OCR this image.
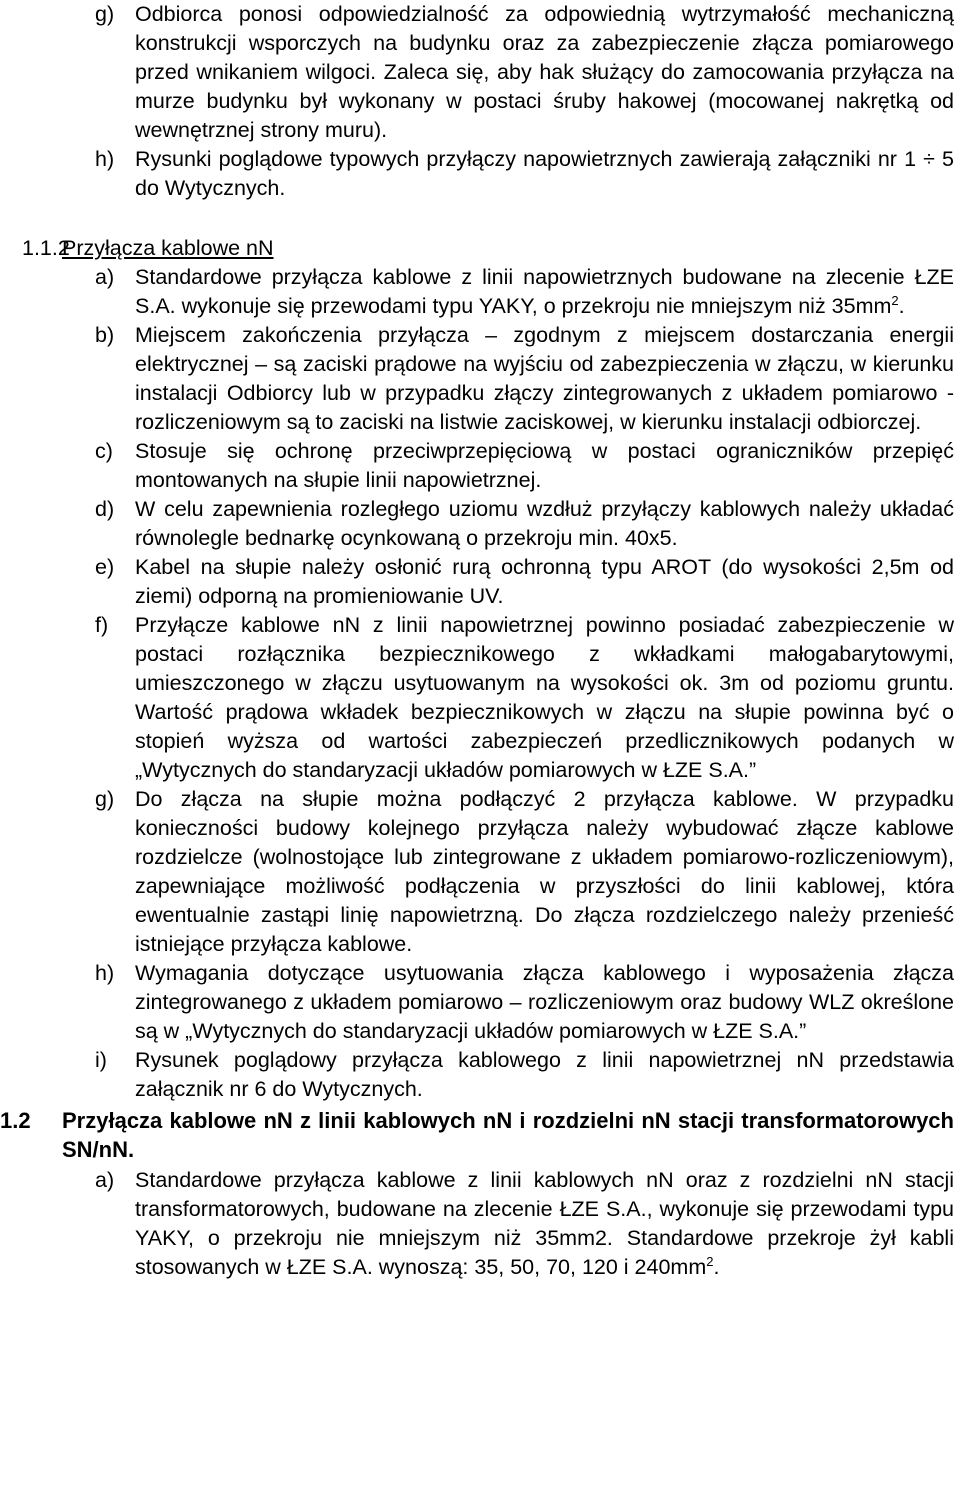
g) Odbiorca ponosi odpowiedzialność za odpowiednią wytrzymałość mechaniczną konstrukcji wsporczych na budynku oraz za zabezpieczenie złącza pomiarowego przed wnikaniem wilgoci. Zaleca się, aby hak służący do zamocowania przyłącza na murze budynku był wykonany w postaci śruby hakowej (mocowanej nakrętką od wewnętrznej strony muru).
h) Rysunki poglądowe typowych przyłączy napowietrznych zawierają załączniki nr 1 ÷ 5 do Wytycznych.
1.1.2
Przyłącza kablowe nN
a) Standardowe przyłącza kablowe z linii napowietrznych budowane na zlecenie ŁZE S.A. wykonuje się przewodami typu YAKY, o przekroju nie mniejszym niż $35mm^2$.
b) Miejscem zakończenia przyłącza – zgodnym z miejscem dostarczania energii elektrycznej – są zaciski prądowe na wyjściu od zabezpieczenia w złączu, w kierunku instalacji Odbiorcy lub w przypadku złączy zintegrowanych z układem pomiarowo - rozliczeniowym są to zaciski na listwie zaciskowej, w kierunku instalacji odbiorczej.
c) Stosuje się ochronę przeciwprzepięciową w postaci ograniczników przepięć montowanych na słupie linii napowietrznej.
d) W celu zapewnienia rozległego uziomu wzdłuż przyłączy kablowych należy układać równolegle bednarkę ocynkowaną o przekroju min. 40x5.
e) Kabel na słupie należy osłonić rurą ochronną typu AROT (do wysokości 2,5m od ziemi) odporną na promieniowanie UV.
f) Przyłącze kablowe nN z linii napowietrznej powinno posiadać zabezpieczenie w postaci rozłącznika bezpiecznikowego z wkładkami małogabarytowymi, umieszczonego w złączu usytuowanym na wysokości ok. 3m od poziomu gruntu. Wartość prądowa wkładek bezpiecznikowych w złączu na słupie powinna być o stopień wyższa od wartości zabezpieczeń przedlicznikowych podanych w „Wytycznych do standaryzacji układów pomiarowych w ŁZE S.A.”
g) Do złącza na słupie można podłączyć 2 przyłącza kablowe. W przypadku konieczności budowy kolejnego przyłącza należy wybudować złącze kablowe rozdzielcze (wolnostojące lub zintegrowane z układem pomiarowo-rozliczeniowym), zapewniające możliwość podłączenia w przyszłości do linii kablowej, która ewentualnie zastąpi linię napowietrzną. Do złącza rozdzielczego należy przenieść istniejące przyłącza kablowe.
h) Wymagania dotyczące usytuowania złącza kablowego i wyposażenia złącza zintegrowanego z układem pomiarowo – rozliczeniowym oraz budowy WLZ określone są w „Wytycznych do standaryzacji układów pomiarowych w ŁZE S.A.”
i) Rysunek poglądowy przyłącza kablowego z linii napowietrznej nN przedstawia załącznik nr 6 do Wytycznych.
1.2 Przyłącza kablowe nN z linii kablowych nN i rozdzielni nN stacji transformatorowych SN/nN.
a) Standardowe przyłącza kablowe z linii kablowych nN oraz z rozdzielni nN stacji transformatorowych, budowane na zlecenie ŁZE S.A., wykonuje się przewodami typu YAKY, o przekroju nie mniejszym niż 35mm2. Standardowe przekroje żył kabli stosowanych w ŁZE S.A. wynoszą: 35, 50, 70, 120 i $240mm^2$.
